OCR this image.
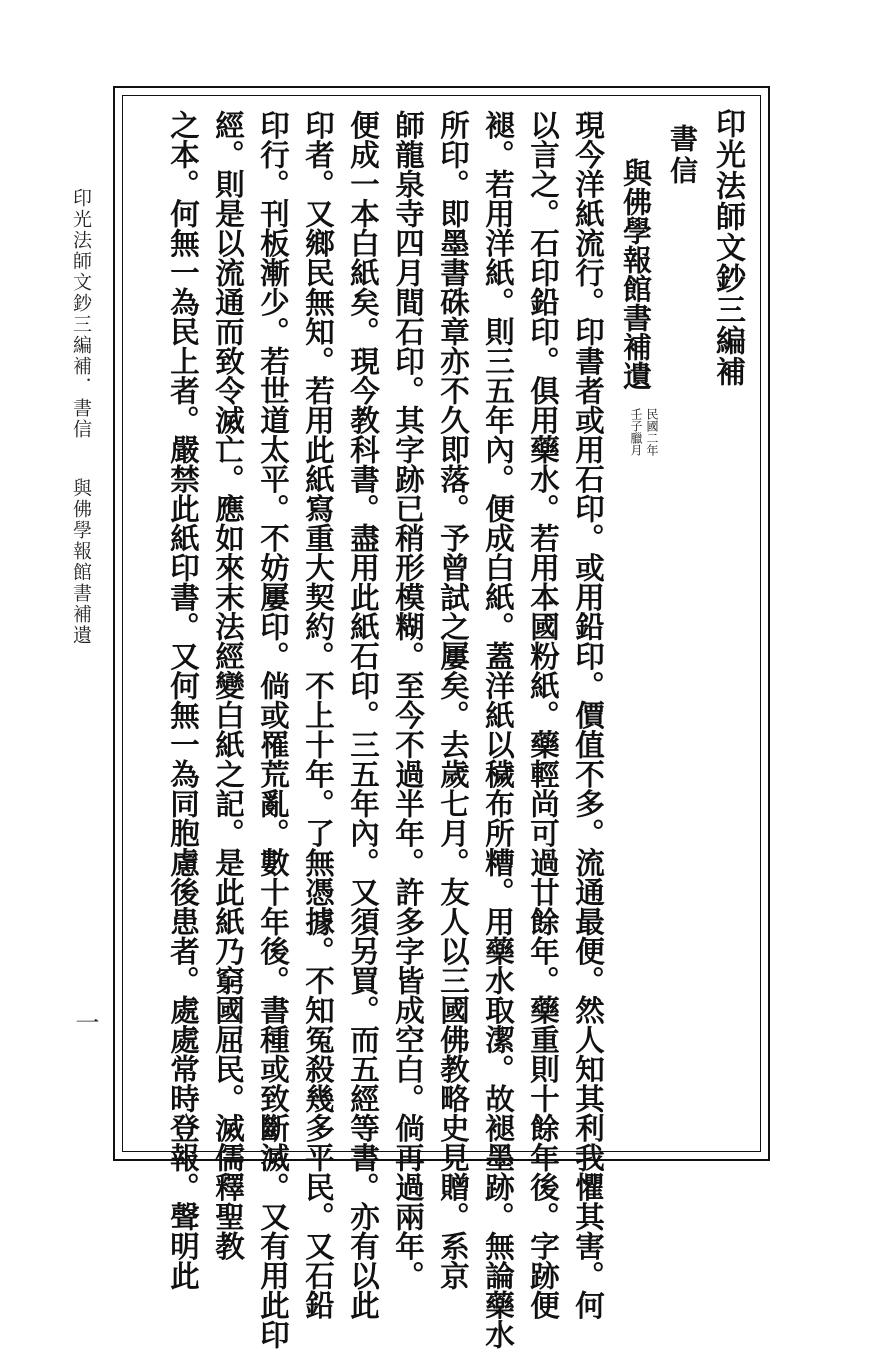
印光法師文鈔三編補
書信
與佛學報館書補遺
壬子臘月 民國二年
現今洋紙流行。印書者或用石印。或用鉛印。價值不多。流通最便。然人知其利我懼其害。何
以言之。石印鉛印。俱用藥水。若用本國粉紙。藥輕尚可過廿餘年。藥重則十餘年後。字跡便
褪。若用洋紙。則三五年內。便成白紙。蓋洋紙以穢布所糟。用藥水取潔。故褪墨跡。無論藥水
所印。即墨書硃章亦不久即落。予曾試之屢矣。去歲七月。友人以三國佛教略史見贈。系京
師龍泉寺四月間石印。其字跡已稍形模糊。至今不過半年。許多字皆成空白。倘再過兩年。
便成一本白紙矣。現今教科書。盡用此紙石印。三五年內。又須另買。而五經等書。亦有以此
印者。又鄉民無知。若用此紙寫重大契約。不上十年。了無憑據。不知冤殺幾多平民。又石鉛
印行。刊板漸少。若世道太平。不妨屢印。倘或罹荒亂。數十年後。書種或致斷滅。又有用此印
經。則是以流通而致令滅亡。應如來末法經變白紙之記。是此紙乃窮國屈民。滅儒釋聖教
之本。何無一為民上者。嚴禁此紙印書。又何無一為同胞慮後患者。處處常時登報。聲明此
印光法師文鈔三編補．書信
與佛學報館書補遺
一
